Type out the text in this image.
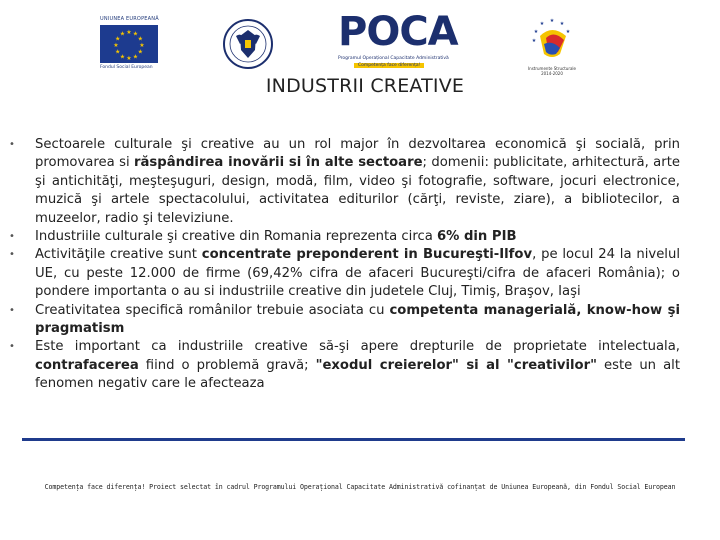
UNIUNEA EUROPEANĂ
★ ★
★
★
★
★
★
★
★
★
★
★
Fondul Social European
POCA
Programul Operațional Capacitate Administrativă
Competența face diferența!
★ ★
★
★
★
★
Instrumente Structurale
2014-2020
INDUSTRII CREATIVE

• Sectoarele culturale şi creative au un rol major în dezvoltarea economică şi socială, prin promovarea si răspândirea inovării si în alte sectoare; domenii: publicitate, arhitectură, arte şi antichităţi, meşteşuguri, design, modă, film, video şi fotografie, software, jocuri electronice, muzică şi artele spectacolului, activitatea editurilor (cărţi, reviste, ziare), a bibliotecilor, a muzeelor, radio şi televiziune.

• Industriile culturale şi creative din Romania reprezenta circa 6% din PIB

• Activităţile creative sunt concentrate preponderent in Bucureşti-Ilfov, pe locul 24 la nivelul UE, cu peste 12.000 de firme (69,42% cifra de afaceri Bucureşti/cifra de afaceri România); o pondere importanta o au si industriile creative din judetele Cluj, Timiş, Braşov, Iaşi

• Creativitatea specifică românilor trebuie asociata cu competenta managerială, know-how şi pragmatism

• Este important ca industriile creative să-şi apere drepturile de proprietate intelectuala, contrafacerea fiind o problemă gravă; "exodul creierelor" si al "creativilor" este un alt fenomen negativ care le afecteaza

Competența face diferența! Proiect selectat în cadrul Programului Operațional Capacitate Administrativă cofinanțat de Uniunea Europeană, din Fondul Social European
